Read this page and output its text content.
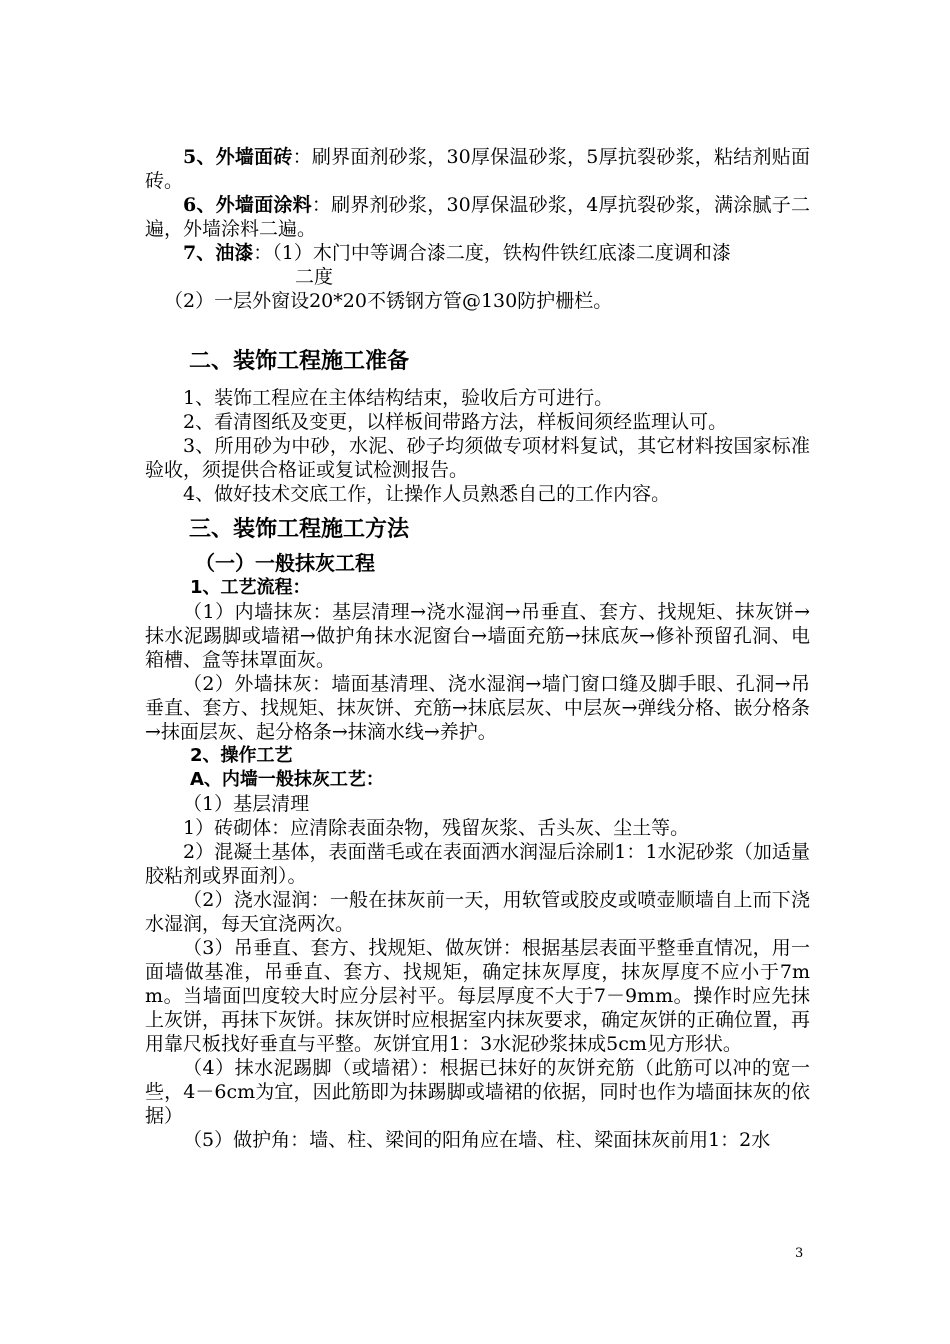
5、外墙面砖：刷界面剂砂浆，30厚保温砂浆，5厚抗裂砂浆，粘结剂贴面砖。

6、外墙面涂料：刷界剂砂浆，30厚保温砂浆，4厚抗裂砂浆，满涂腻子二遍，外墙涂料二遍。

7、油漆：（1）木门中等调合漆二度，铁构件铁红底漆二度调和漆

二度

（2）一层外窗设20*20不锈钢方管@130防护栅栏。

二、装饰工程施工准备

1、装饰工程应在主体结构结束，验收后方可进行。

2、看清图纸及变更，以样板间带路方法，样板间须经监理认可。

3、所用砂为中砂，水泥、砂子均须做专项材料复试，其它材料按国家标准验收，须提供合格证或复试检测报告。

4、做好技术交底工作，让操作人员熟悉自己的工作内容。

三、装饰工程施工方法
（一）一般抹灰工程
1、工艺流程：

（1）内墙抹灰：基层清理→浇水湿润→吊垂直、套方、找规矩、抹灰饼→抹水泥踢脚或墙裙→做护角抹水泥窗台→墙面充筋→抹底灰→修补预留孔洞、电箱槽、盒等抹罩面灰。

（2）外墙抹灰：墙面基清理、浇水湿润→墙门窗口缝及脚手眼、孔洞→吊垂直、套方、找规矩、抹灰饼、充筋→抹底层灰、中层灰→弹线分格、嵌分格条→抹面层灰、起分格条→抹滴水线→养护。

2、操作工艺
A、内墙一般抹灰工艺：

（1）基层清理

1）砖砌体：应清除表面杂物，残留灰浆、舌头灰、尘土等。

2）混凝土基体，表面凿毛或在表面洒水润湿后涂刷1：1水泥砂浆（加适量胶粘剂或界面剂）。

（2）浇水湿润：一般在抹灰前一天，用软管或胶皮或喷壶顺墙自上而下浇水湿润，每天宜浇两次。

（3）吊垂直、套方、找规矩、做灰饼：根据基层表面平整垂直情况，用一面墙做基准，吊垂直、套方、找规矩，确定抹灰厚度，抹灰厚度不应小于7mm。当墙面凹度较大时应分层衬平。每层厚度不大于7－9mm。操作时应先抹上灰饼，再抹下灰饼。抹灰饼时应根据室内抹灰要求，确定灰饼的正确位置，再用靠尺板找好垂直与平整。灰饼宜用1：3水泥砂浆抹成5cm见方形状。

（4）抹水泥踢脚（或墙裙）：根据已抹好的灰饼充筋（此筋可以冲的宽一些，4－6cm为宜，因此筋即为抹踢脚或墙裙的依据，同时也作为墙面抹灰的依据）

（5）做护角：墙、柱、梁间的阳角应在墙、柱、梁面抹灰前用1：2水

3
